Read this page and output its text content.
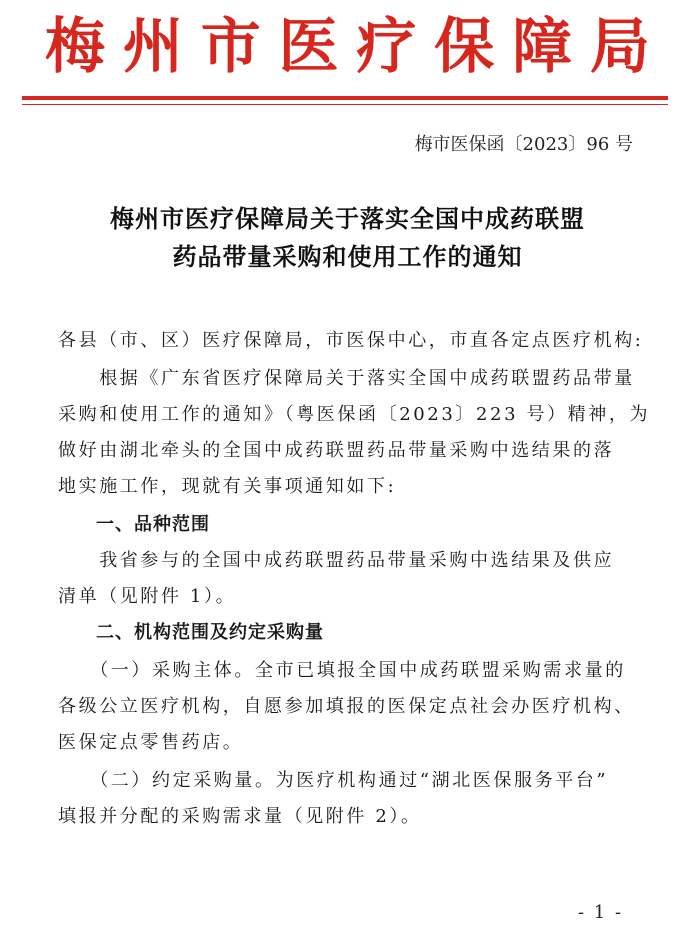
梅 州 市 医 疗 保 障 局
梅市医保函〔2023〕96 号
梅州市医疗保障局关于落实全国中成药联盟
药品带量采购和使用工作的通知
各县（市、区）医疗保障局，市医保中心，市直各定点医疗机构:
　　根据《广东省医疗保障局关于落实全国中成药联盟药品带量
采购和使用工作的通知》（粤医保函〔2023〕223 号）精神，为
做好由湖北牵头的全国中成药联盟药品带量采购中选结果的落
地实施工作，现就有关事项通知如下:
　　一、品种范围
　　我省参与的全国中成药联盟药品带量采购中选结果及供应
清单（见附件 1）。
　　二、机构范围及约定采购量
　　（一）采购主体。全市已填报全国中成药联盟采购需求量的
各级公立医疗机构，自愿参加填报的医保定点社会办医疗机构、
医保定点零售药店。
　　（二）约定采购量。为医疗机构通过“湖北医保服务平台”
填报并分配的采购需求量（见附件 2）。
- 1 -
